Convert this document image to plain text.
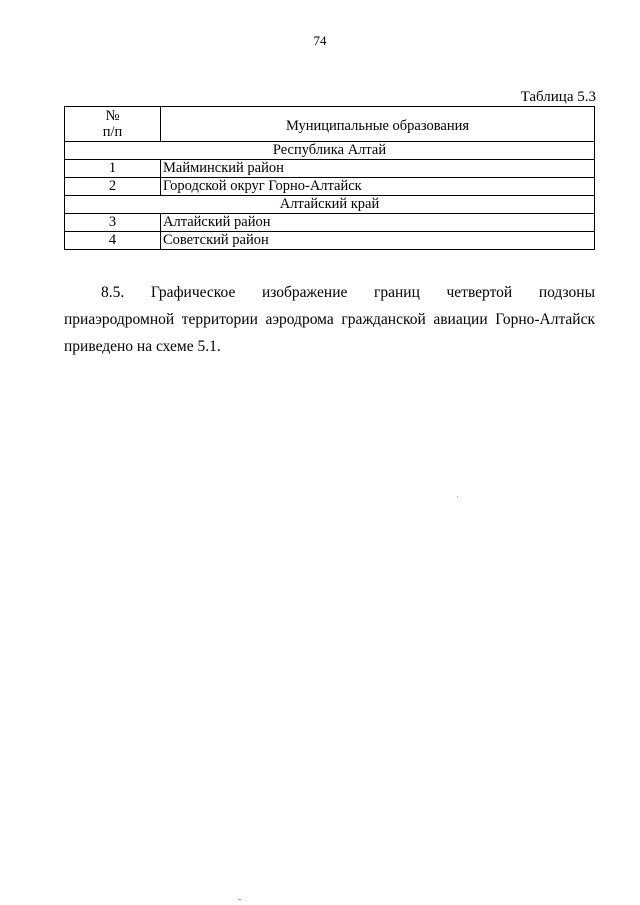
74
Таблица 5.3
№
п/п	Муниципальные образования
Республика Алтай	
1	Майминский район
2	Городской округ Горно-Алтайск
Алтайский край	
3	Алтайский район
4	Советский район

8.5. Графическое изображение границ четвертой подзоны приаэродромной территории аэродрома гражданской авиации Горно-Алтайск приведено на схеме 5.1.
